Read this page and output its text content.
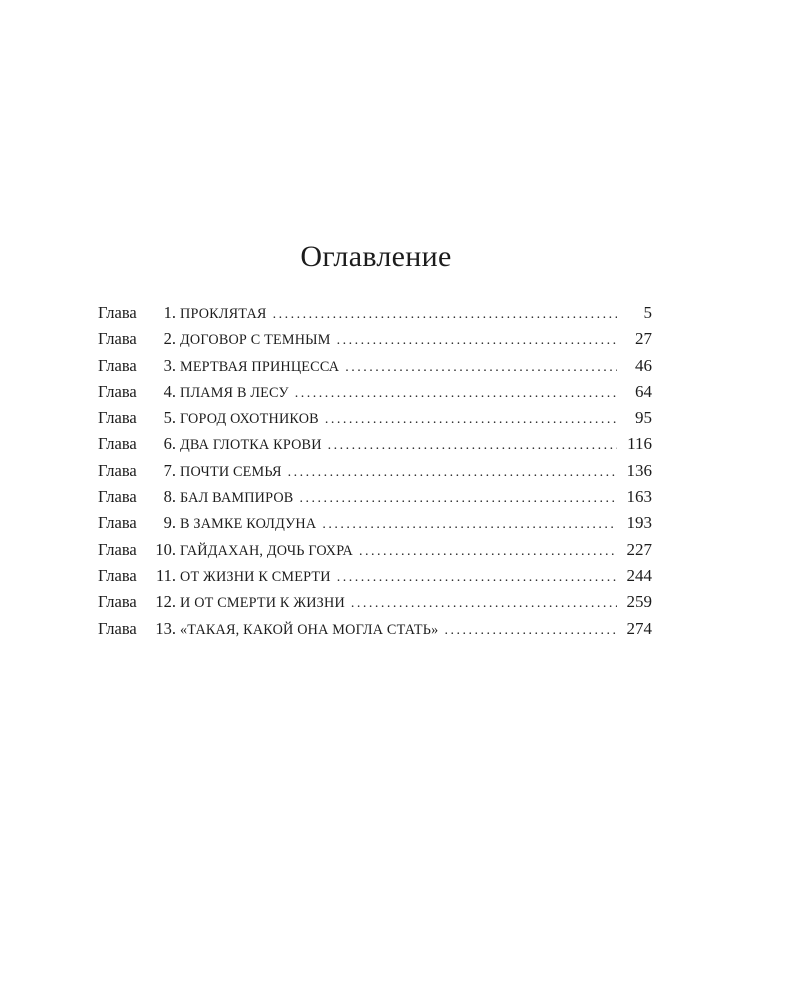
Оглавление
Глава	1. ПРОКЛЯТАЯ . . .	5
Глава	2. ДОГОВОР С ТЕМНЫМ . . .	27
Глава	3. МЕРТВАЯ ПРИНЦЕССА . . .	46
Глава	4. ПЛАМЯ В ЛЕСУ . . .	64
Глава	5. ГОРОД ОХОТНИКОВ . . .	95
Глава	6. ДВА ГЛОТКА КРОВИ . . .	116
Глава	7. ПОЧТИ СЕМЬЯ . . .	136
Глава	8. БАЛ ВАМПИРОВ . . .	163
Глава	9. В ЗАМКЕ КОЛДУНА . . .	193
Глава	10. ГАЙДАХАН, ДОЧЬ ГОХРА . . .	227
Глава	11. ОТ ЖИЗНИ К СМЕРТИ . . .	244
Глава	12. И ОТ СМЕРТИ К ЖИЗНИ . . .	259
Глава	13. «ТАКАЯ, КАКОЙ ОНА МОГЛА СТАТЬ» . . .	274
